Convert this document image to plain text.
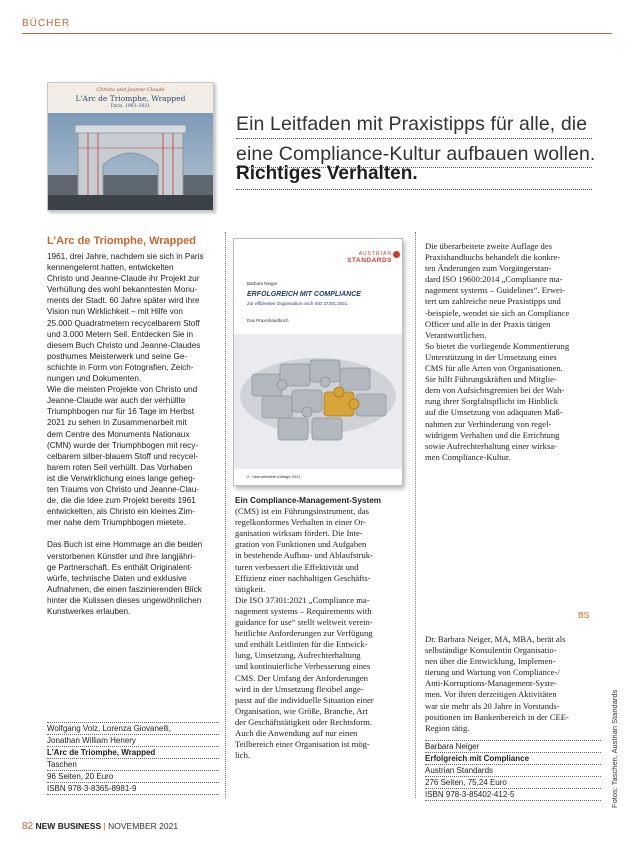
BÜCHER
Christo und Jeanne-Claude
L'Arc de Triomphe, Wrapped
Paris, 1961–2021
Ein Leitfaden mit Praxistipps für alle, die
eine Compliance-Kultur aufbauen wollen.
Richtiges Verhalten.
L’Arc de Triomphe, Wrapped
1961, drei Jahre, nachdem sie sich in Paris
kennengelernt hatten, entwickelten
Christo und Jeanne-Claude ihr Projekt zur
Verhüllung des wohl bekanntesten Monu-
ments der Stadt. 60 Jahre später wird ihre
Vision nun Wirklichkeit – mit Hilfe von
25.000 Quadratmetern recycelbarem Stoff
und 3.000 Metern Seil. Entdecken Sie in
diesem Buch Christo und Jeanne-Claudes
posthumes Meisterwerk und seine Ge-
schichte in Form von Fotografien, Zeich-
nungen und Dokumenten.
Wie die meisten Projekte von Christo und
Jeanne-Claude war auch der verhüllte
Triumphbogen nur für 16 Tage im Herbst
2021 zu sehen In Zusammenarbeit mit
dem Centre des Monuments Nationaux
(CMN) wurde der Triumphbogen mit recy-
celbarem silber-blauem Stoff und recycel-
barem roten Seil verhüllt. Das Vorhaben
ist die Verwirklichung eines lange geheg-
ten Traums von Christo und Jeanne-Clau-
de, die die Idee zum Projekt bereits 1961
entwickelten, als Christo ein kleines Zim-
mer nahe dem Triumphbogen mietete.

Das Buch ist eine Hommage an die beiden
verstorbenen Künstler und ihre langjähri-
ge Partnerschaft. Es enthält Originalent-
würfe, technische Daten und exklusive
Aufnahmen, die einen faszinierenden Blick
hinter die Kulissen dieses ungewöhnlichen
Kunstwerkes erlauben.
AUSTRIAN
STANDARDS
Barbara Neiger
ERFOLGREICH MIT COMPLIANCE
Zur effizienten Organisation nach ISO 37301:2021
Das Praxishandbuch
2., überarbeitete Auflage 2021
Ein Compliance-Management-System
(CMS) ist ein Führungsinstrument, das
regelkonformes Verhalten in einer Or-
ganisation wirksam fördert. Die Inte-
gration von Funktionen und Aufgaben
in bestehende Aufbau- und Ablaufstruk-
turen verbessert die Effektivität und
Effizienz einer nachhaltigen Geschäfts-
tätigkeit.
Die ISO 37301:2021 „Compliance ma-
nagement systems – Requirements with
guidance for use“ stellt weltweit verein-
heitlichte Anforderungen zur Verfügung
und enthält Leitlinien für die Entwick-
lung, Umsetzung, Aufrechterhaltung
und kontinuierliche Verbesserung eines
CMS. Der Umfang der Anforderungen
wird in der Umsetzung flexibel ange-
passt auf die individuelle Situation einer
Organisation, wie Größe, Branche, Art
der Geschäftstätigkeit oder Rechtsform.
Auch die Anwendung auf nur einen
Teilbereich einer Organisation ist mög-
lich.
Die überarbeitete zweite Auflage des
Praxishandbuchs behandelt die konkre-
ten Änderungen zum Vorgängerstan-
dard ISO 19600:2014 „Compliance ma-
nagement systems – Guidelines“. Erwei-
tert um zahlreiche neue Praxistipps und
-beispiele, wendet sie sich an Compliance
Officer und alle in der Praxis tätigen
Verantwortlichen.
So bietet die vorliegende Kommentierung
Unterstützung in der Umsetzung eines
CMS für alle Arten von Organisationen.
Sie hilft Führungskräften und Mitglie-
dern von Aufsichtsgremien bei der Wah-
rung ihrer Sorgfaltspflicht im Hinblick
auf die Umsetzung von adäquaten Maß-
nahmen zur Verhinderung von regel-
widrigem Verhalten und die Errichtung
sowie Aufrechterhaltung einer wirksa-
men Compliance-Kultur.
Dr. Barbara Neiger, MA, MBA, berät als
selbständige Konsulentin Organisatio-
nen über die Entwicklung, Implemen-
tierung und Wartung von Compliance-/
Anti-Korruptions-Management-Syste-
men. Vor ihren derzeitigen Aktivitäten
war sie mehr als 20 Jahre in Vorstands-
positionen im Bankenbereich in der CEE-
Region tätig.
BS
Wolfgang Volz, Lorenza Giovanelli,
Jonathan William Henery
L’Arc de Triomphe, Wrapped
Taschen
96 Seiten, 20 Euro
ISBN 978-3-8365-8981-9
Barbara Neiger
Erfolgreich mit Compliance
Austrian Standards
276 Seiten, 75,24 Euro
ISBN 978-3-85402-412-5	Fotos: Taschen, Austrian Standards
82 NEW BUSINESS | NOVEMBER 2021
